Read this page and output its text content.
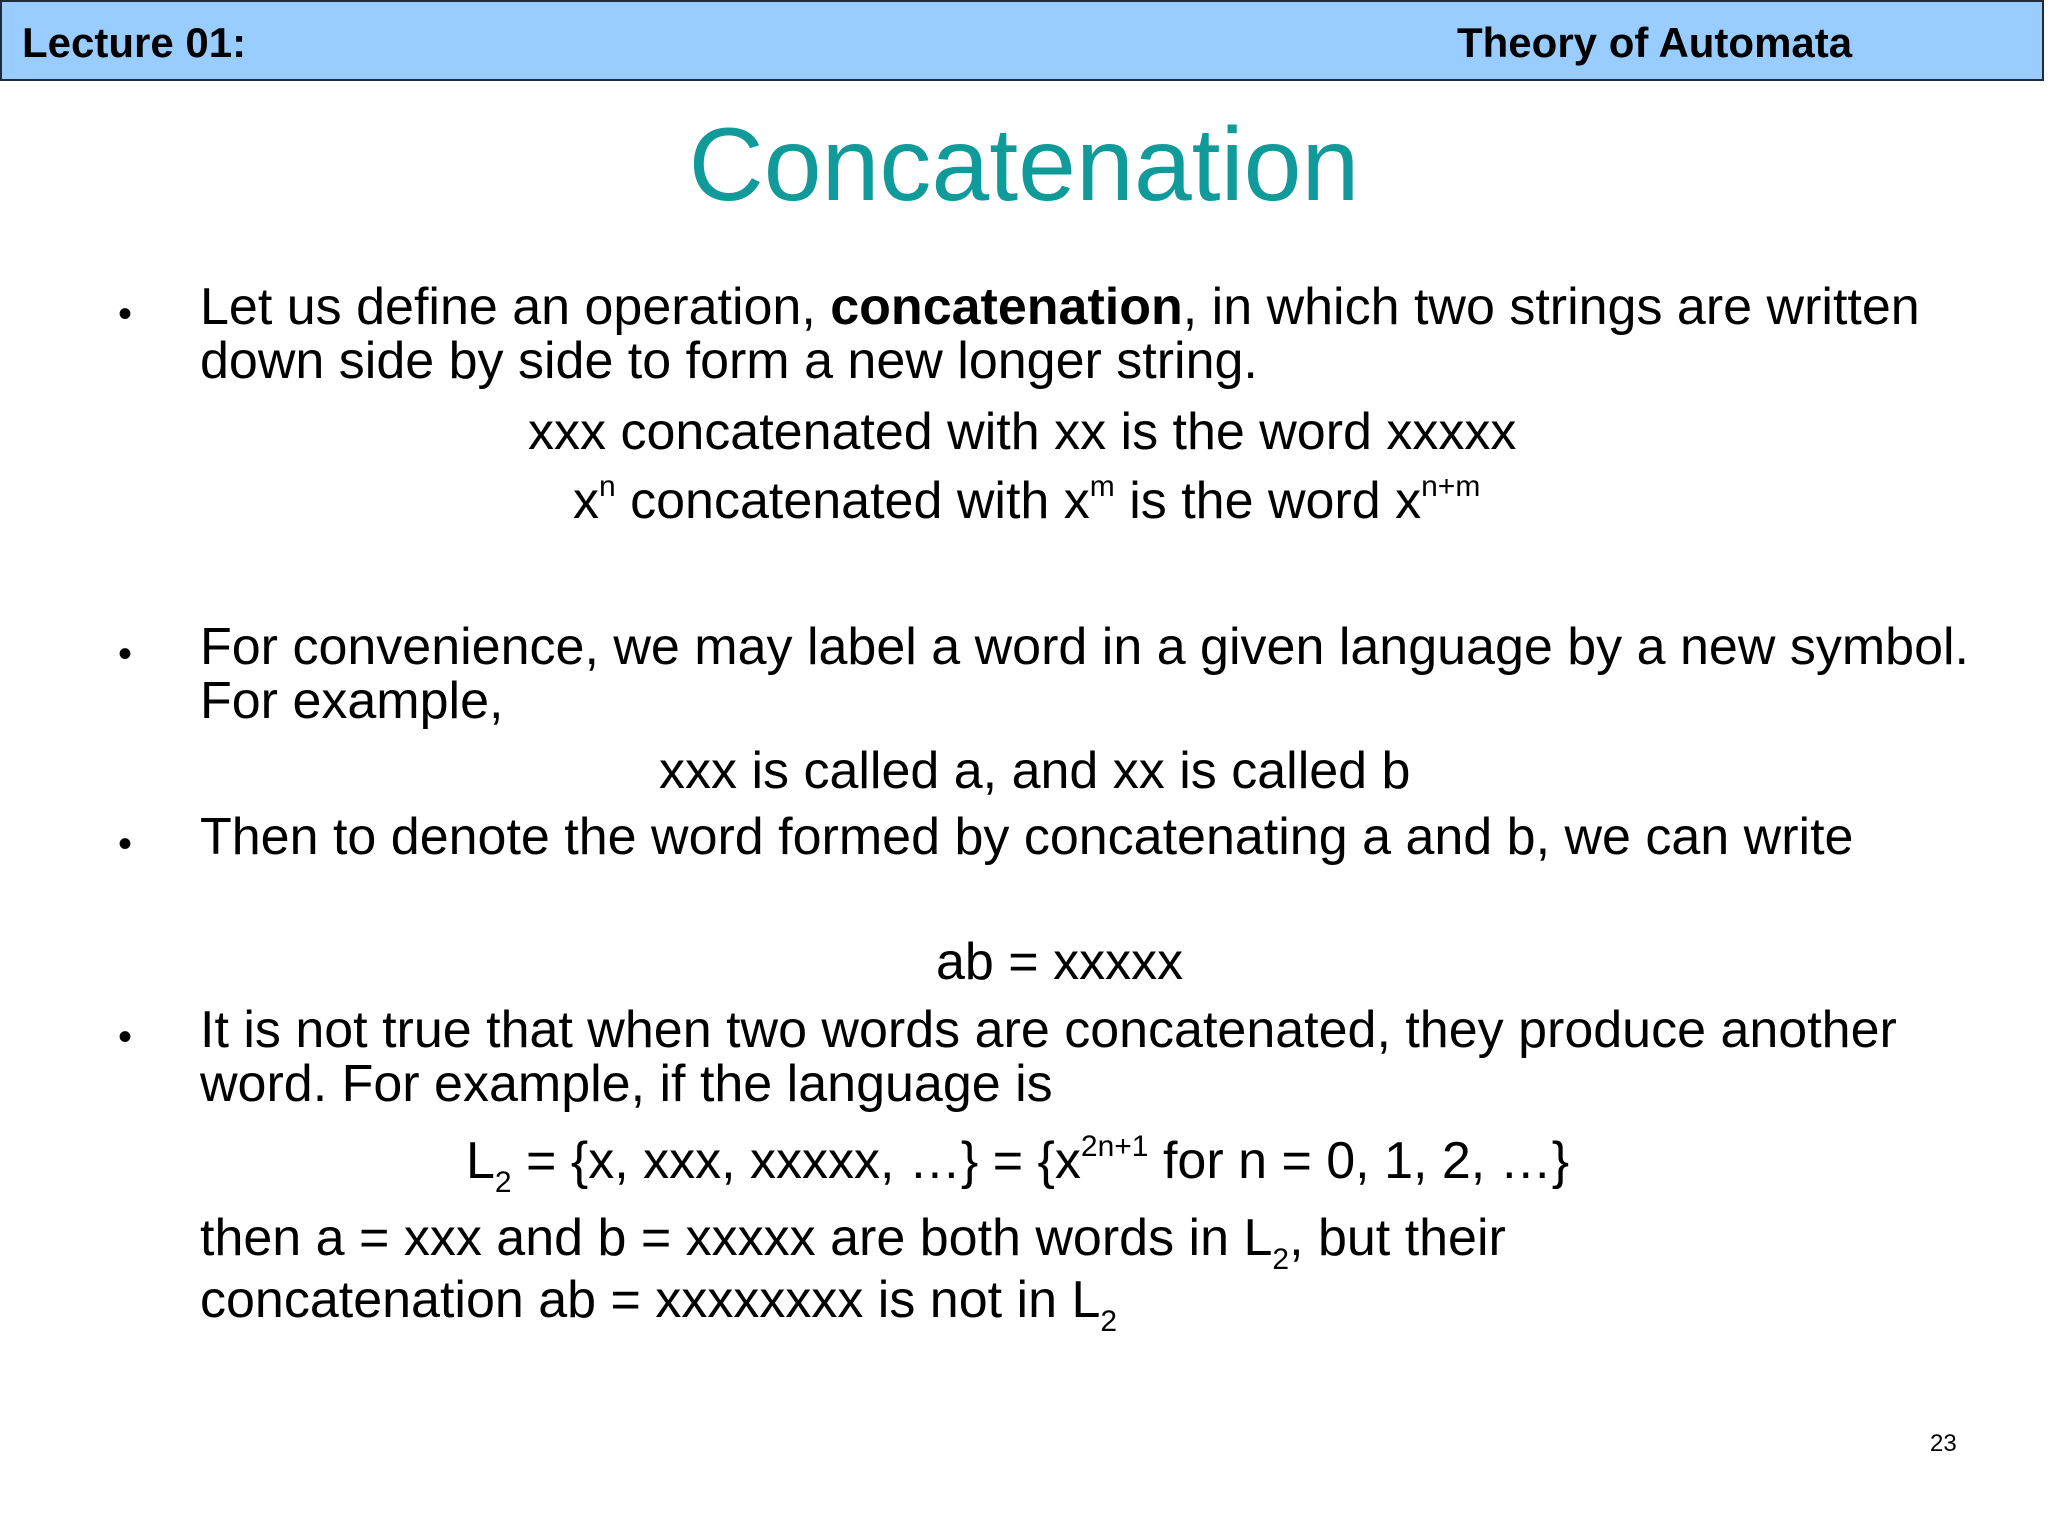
Lecture 01:	Theory of Automata
Concatenation
• Let us define an operation, concatenation, in which two strings are written down side by side to form a new longer string.
xxx concatenated with xx is the word xxxxx
$x^n$ concatenated with $x^m$ is the word $x^{n+m}$
• For convenience, we may label a word in a given language by a new symbol. For example,
xxx is called a, and xx is called b
• Then to denote the word formed by concatenating a and b, we can write
ab = xxxxx
• It is not true that when two words are concatenated, they produce another word. For example, if the language is
$L_2 = \{x$, xxx, xxxxx, …} = {$x^{2n+1}$ for n = 0, 1, 2, …}
then a = xxx and b = xxxxx are both words in $L_2$, but their
concatenation ab = xxxxxxxx is not in $L_2$
23
